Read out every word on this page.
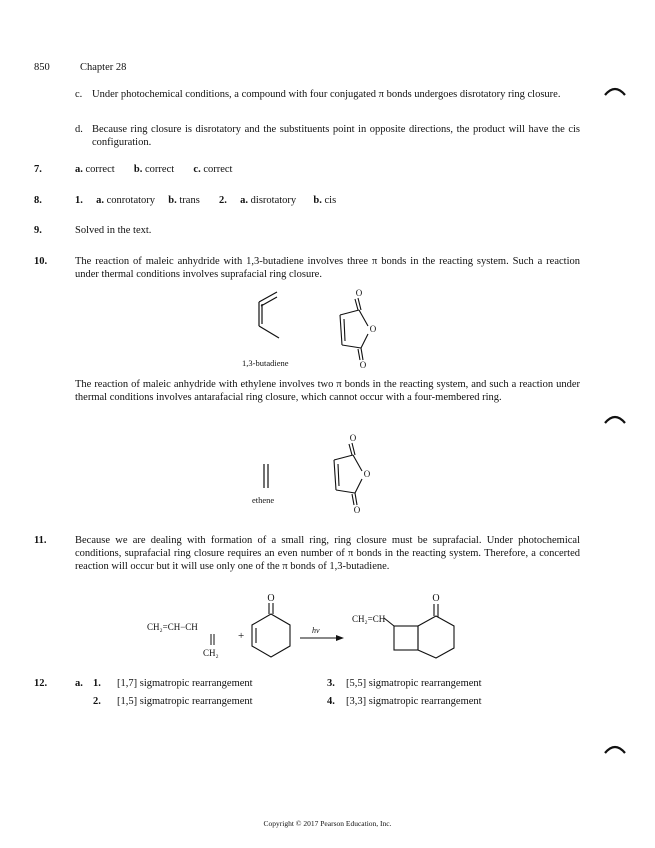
850	Chapter 28
c. Under photochemical conditions, a compound with four conjugated π bonds undergoes disrotatory ring closure.
d. Because ring closure is disrotatory and the substituents point in opposite directions, the product will have the cis configuration.
7.	a. correct b. correct c. correct
8.	1. a. conrotatory b. trans 2. a. disrotatory b. cis
9.	Solved in the text.
10.	The reaction of maleic anhydride with 1,3-butadiene involves three π bonds in the reacting system. Such a reaction under thermal conditions involves suprafacial ring closure.
1,3-butadiene
O
O
O
The reaction of maleic anhydride with ethylene involves two π bonds in the reacting system, and such a reaction under thermal conditions involves antarafacial ring closure, which cannot occur with a four-membered ring.
ethene
O
O
O
11.	Because we are dealing with formation of a small ring, ring closure must be suprafacial. Under photochemical conditions, suprafacial ring closure requires an even number of π bonds in the reacting system. Therefore, a concerted reaction will occur but it will use only one of the π bonds of 1,3-butadiene.
CH₂=CH−CH
CH₂
+
O
hν
CH₂=CH
O
12.	a. 1. [1,7] sigmatropic rearrangement
2. [1,5] sigmatropic rearrangement
3. [5,5] sigmatropic rearrangement
4. [3,3] sigmatropic rearrangement
Copyright © 2017 Pearson Education, Inc.
